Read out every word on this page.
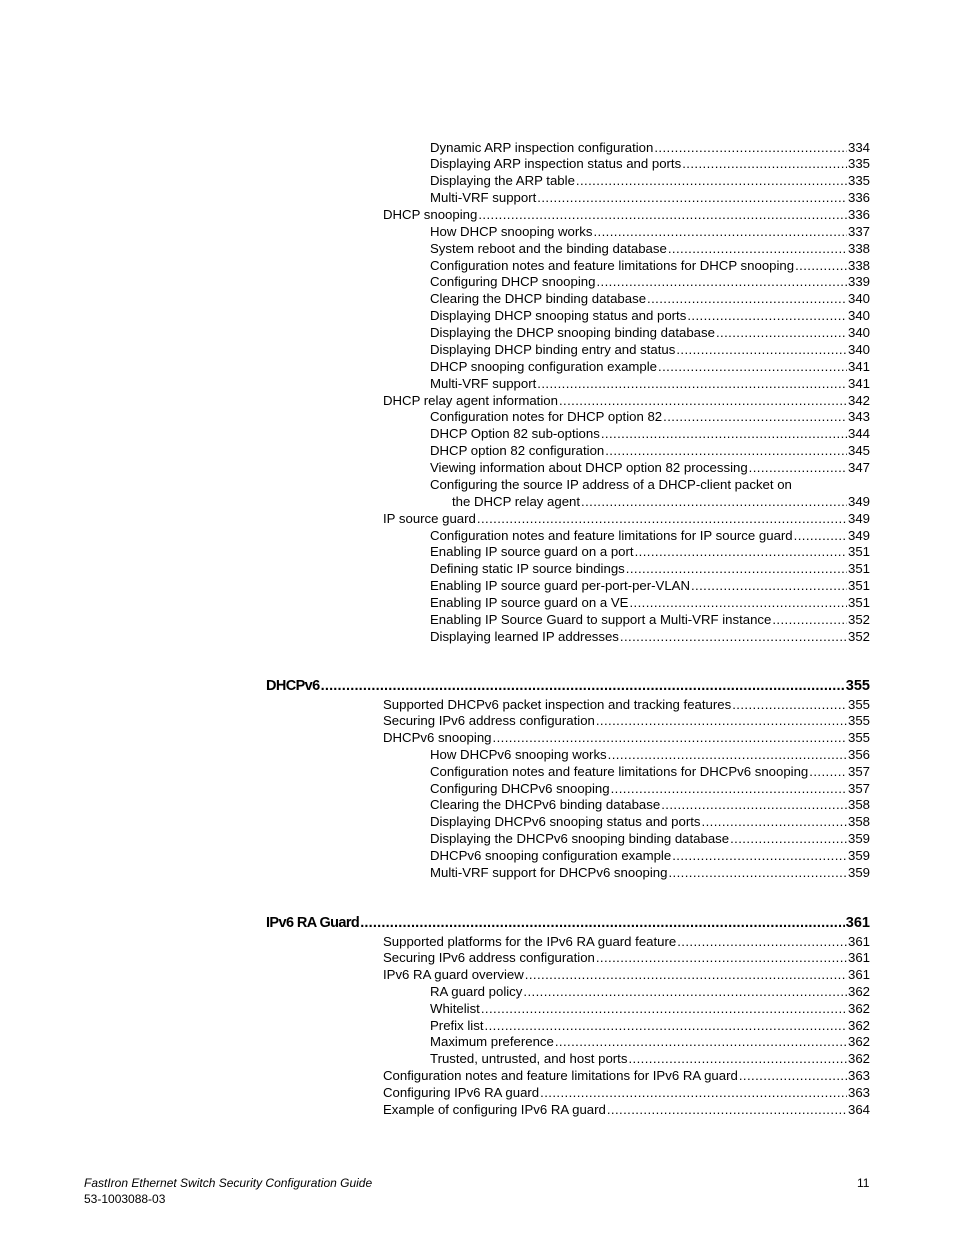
DHCPv6 .....	355
IPv6 RA Guard .....	361
Dynamic ARP inspection configuration .....	334
Displaying ARP inspection status and ports .....	335
Displaying the ARP table .....	335
Multi-VRF support .....	336
DHCP snooping .....	336
How DHCP snooping works .....	337
System reboot and the binding database .....	338
Configuration notes and feature limitations for DHCP snooping .....	338
Configuring DHCP snooping .....	339
Clearing the DHCP binding database .....	340
Displaying DHCP snooping status and ports .....	340
Displaying the DHCP snooping binding database .....	340
Displaying DHCP binding entry and status .....	340
DHCP snooping configuration example .....	341
Multi-VRF support .....	341
DHCP relay agent information .....	342
Configuration notes for DHCP option 82 .....	343
DHCP Option 82 sub-options .....	344
DHCP option 82 configuration .....	345
Viewing information about DHCP option 82 processing .....	347
Configuring the source IP address of a DHCP-client packet on
the DHCP relay agent .....	349
IP source guard .....	349
Configuration notes and feature limitations for IP source guard .....	349
Enabling IP source guard on a port .....	351
Defining static IP source bindings .....	351
Enabling IP source guard per-port-per-VLAN .....	351
Enabling IP source guard on a VE .....	351
Enabling IP Source Guard to support a Multi-VRF instance .....	352
Displaying learned IP addresses .....	352
Supported DHCPv6 packet inspection and tracking features .....	355
Securing IPv6 address configuration .....	355
DHCPv6 snooping .....	355
How DHCPv6 snooping works .....	356
Configuration notes and feature limitations for DHCPv6 snooping .....	357
Configuring DHCPv6 snooping .....	357
Clearing the DHCPv6 binding database .....	358
Displaying DHCPv6 snooping status and ports .....	358
Displaying the DHCPv6 snooping binding database .....	359
DHCPv6 snooping configuration example .....	359
Multi-VRF support for DHCPv6 snooping .....	359
Supported platforms for the IPv6 RA guard feature .....	361
Securing IPv6 address configuration .....	361
IPv6 RA guard overview .....	361
RA guard policy .....	362
Whitelist .....	362
Prefix list .....	362
Maximum preference .....	362
Trusted, untrusted, and host ports .....	362
Configuration notes and feature limitations for IPv6 RA guard .....	363
Configuring IPv6 RA guard .....	363
Example of configuring IPv6 RA guard .....	364
FastIron Ethernet Switch Security Configuration Guide
53-1003088-03
11
